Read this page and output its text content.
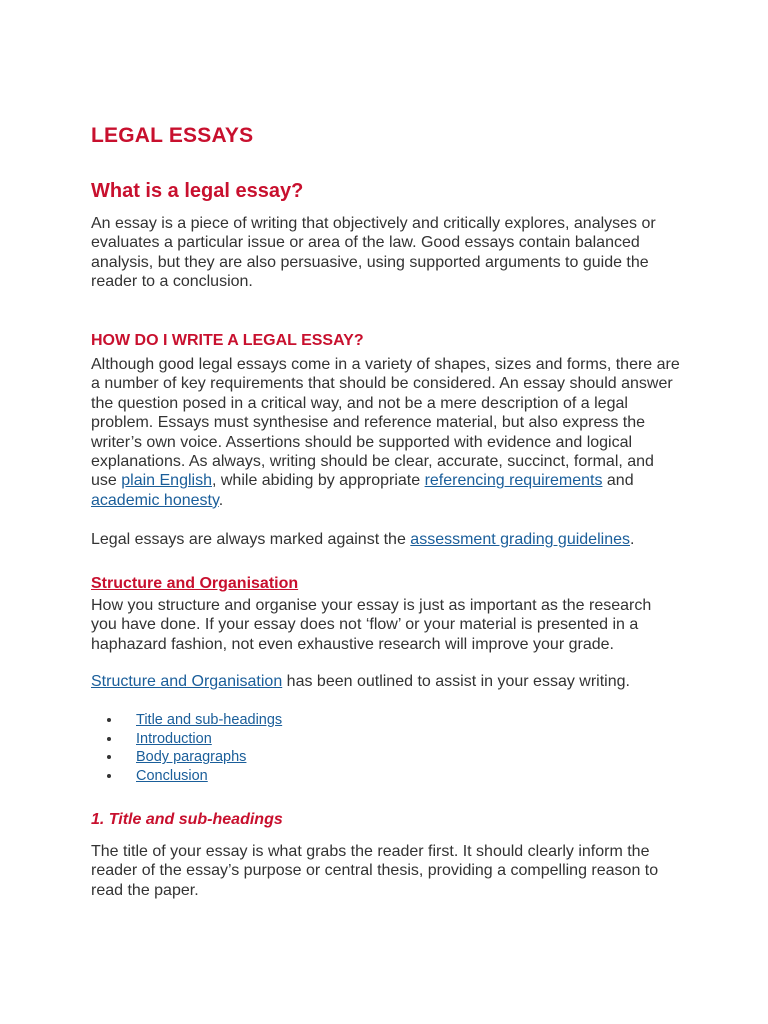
LEGAL ESSAYS
What is a legal essay?

An essay is a piece of writing that objectively and critically explores, analyses or evaluates a particular issue or area of the law. Good essays contain balanced analysis, but they are also persuasive, using supported arguments to guide the reader to a conclusion.

HOW DO I WRITE A LEGAL ESSAY?

Although good legal essays come in a variety of shapes, sizes and forms, there are a number of key requirements that should be considered. An essay should answer the question posed in a critical way, and not be a mere description of a legal problem. Essays must synthesise and reference material, but also express the writer’s own voice. Assertions should be supported with evidence and logical explanations. As always, writing should be clear, accurate, succinct, formal, and use plain English, while abiding by appropriate referencing requirements and academic honesty.

Legal essays are always marked against the assessment grading guidelines.

Structure and Organisation

How you structure and organise your essay is just as important as the research you have done. If your essay does not ‘flow’ or your material is presented in a haphazard fashion, not even exhaustive research will improve your grade.

Structure and Organisation has been outlined to assist in your essay writing.

Title and sub-headings
Introduction
Body paragraphs
Conclusion
1. Title and sub-headings

The title of your essay is what grabs the reader first. It should clearly inform the reader of the essay’s purpose or central thesis, providing a compelling reason to read the paper.
